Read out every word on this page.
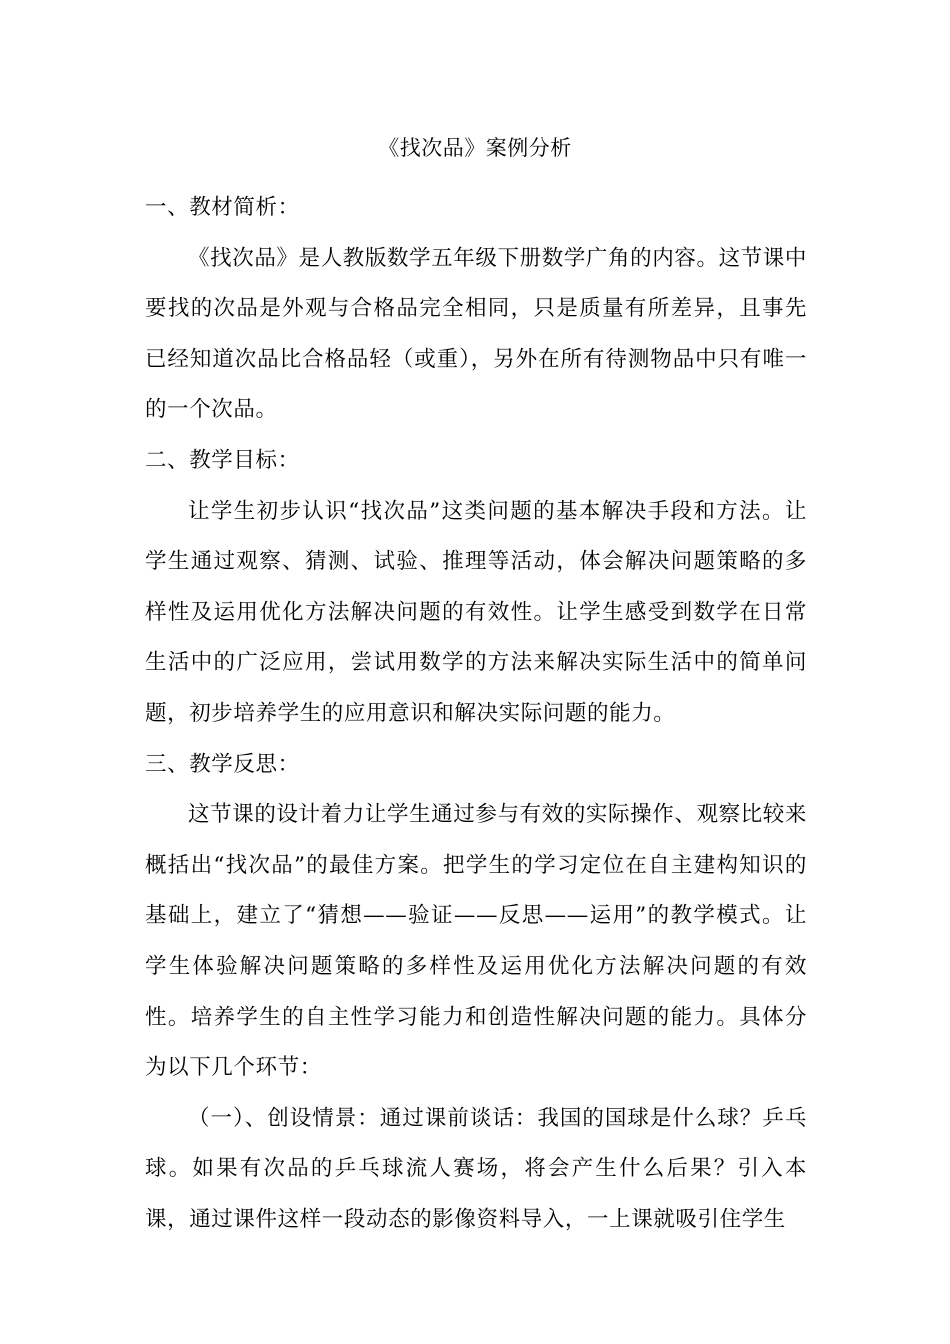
《找次品》案例分析

一、教材简析：

《找次品》是人教版数学五年级下册数学广角的内容。这节课中要找的次品是外观与合格品完全相同，只是质量有所差异，且事先已经知道次品比合格品轻（或重），另外在所有待测物品中只有唯一的一个次品。

二、教学目标：

让学生初步认识“找次品”这类问题的基本解决手段和方法。让学生通过观察、猜测、试验、推理等活动，体会解决问题策略的多样性及运用优化方法解决问题的有效性。让学生感受到数学在日常生活中的广泛应用，尝试用数学的方法来解决实际生活中的简单问题，初步培养学生的应用意识和解决实际问题的能力。

三、教学反思：

这节课的设计着力让学生通过参与有效的实际操作、观察比较来概括出“找次品”的最佳方案。把学生的学习定位在自主建构知识的基础上，建立了“猜想——验证——反思——运用”的教学模式。让学生体验解决问题策略的多样性及运用优化方法解决问题的有效性。培养学生的自主性学习能力和创造性解决问题的能力。具体分为以下几个环节：

（一）、创设情景：通过课前谈话：我国的国球是什么球？乒乓球。如果有次品的乒乓球流人赛场，将会产生什么后果？引入本课，通过课件这样一段动态的影像资料导入，一上课就吸引住学生
